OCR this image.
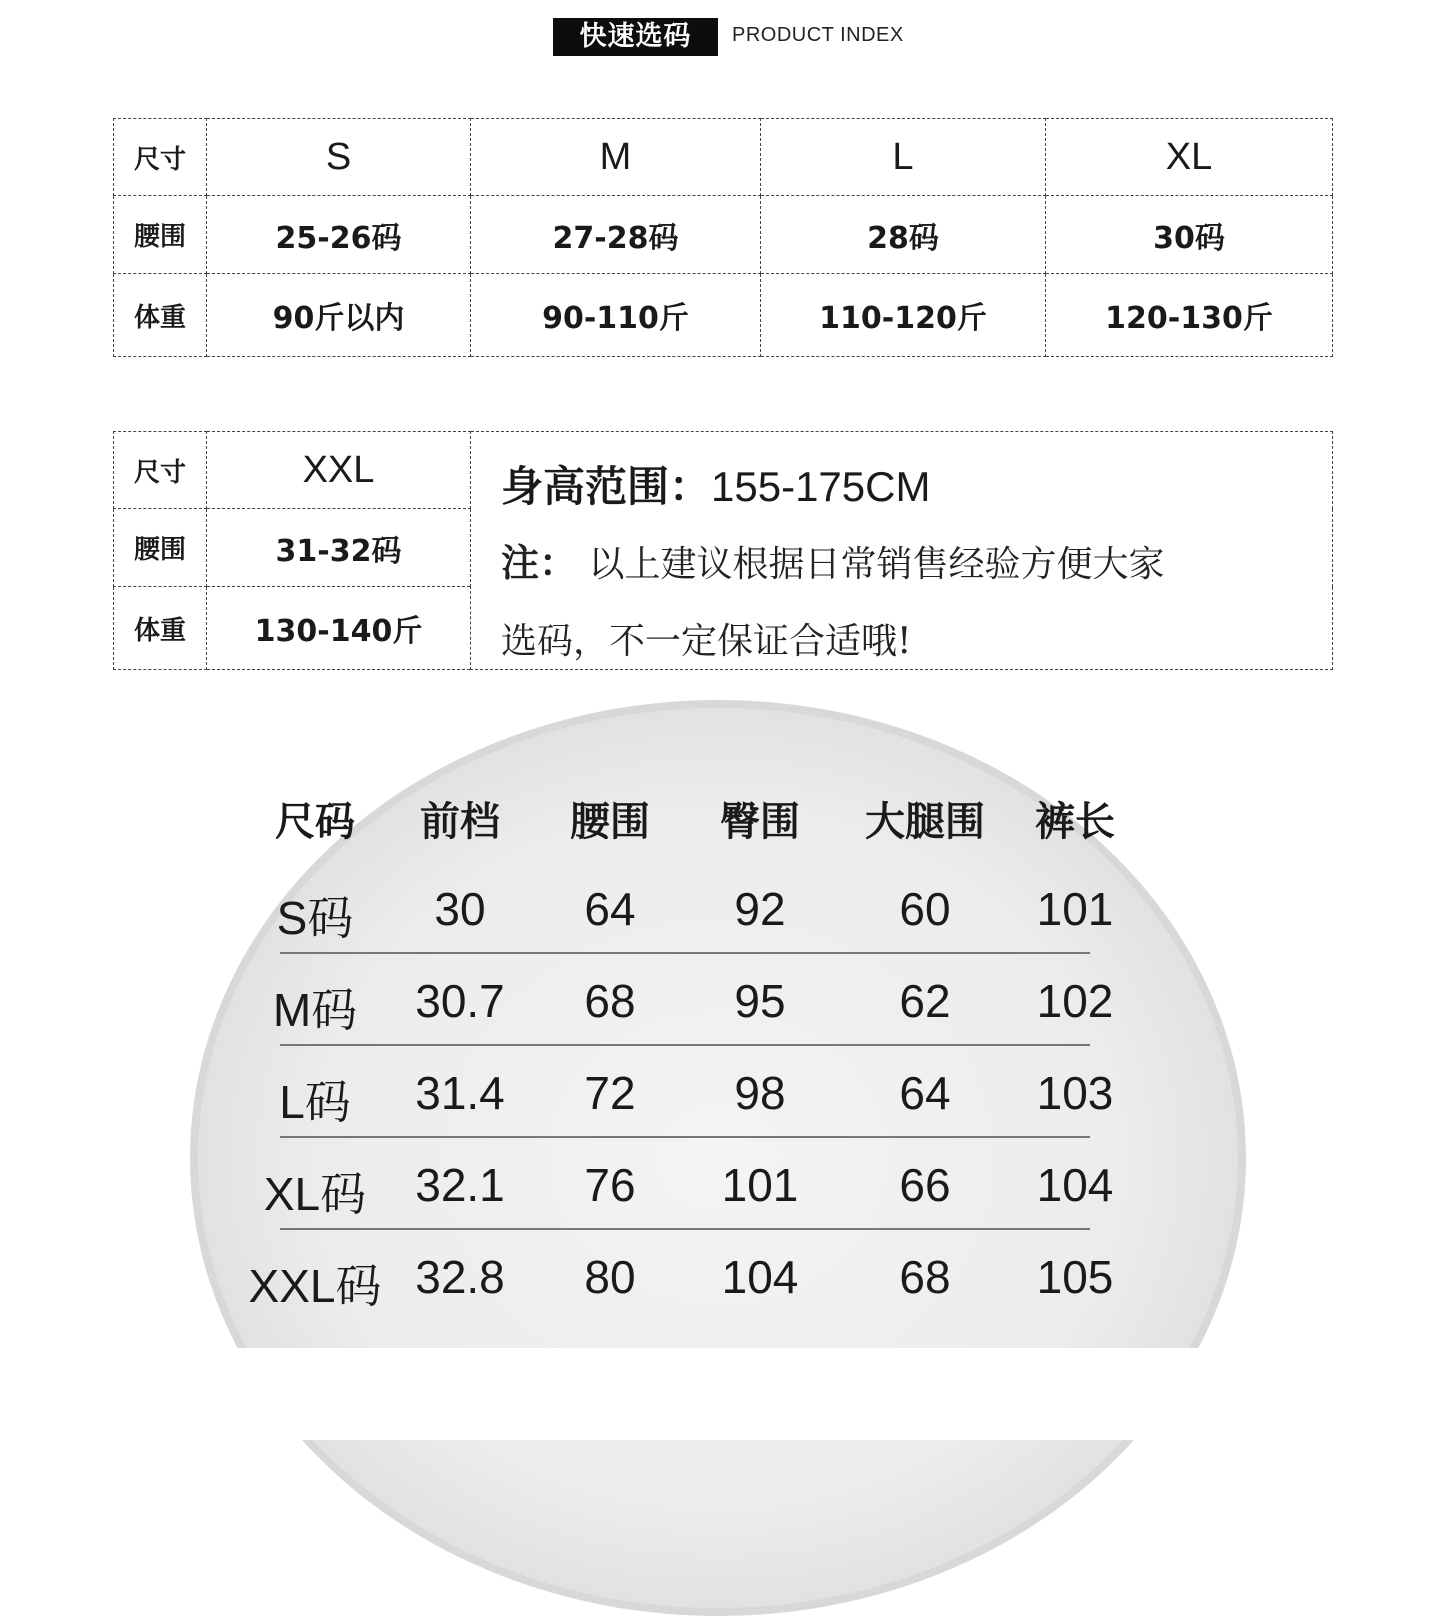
快速选码	PRODUCT INDEX
尺寸	S	M	L	XL
腰围	25-26码	27-28码	28码	30码
体重	90斤以内	90-110斤	110-120斤	120-130斤
尺寸	XXL	身高范围：155-175CM
注： 以上建议根据日常销售经验方便大家
选码，不一定保证合适哦!

腰围	31-32码	
体重	130-140斤	
尺码	前档	腰围	臀围	大腿围	裤长
S码	30	64	92	60	101
M码	30.7	68	95	62	102
L码	31.4	72	98	64	103
XL码	32.1	76	101	66	104
XXL码 32.8	80	104	68	105
